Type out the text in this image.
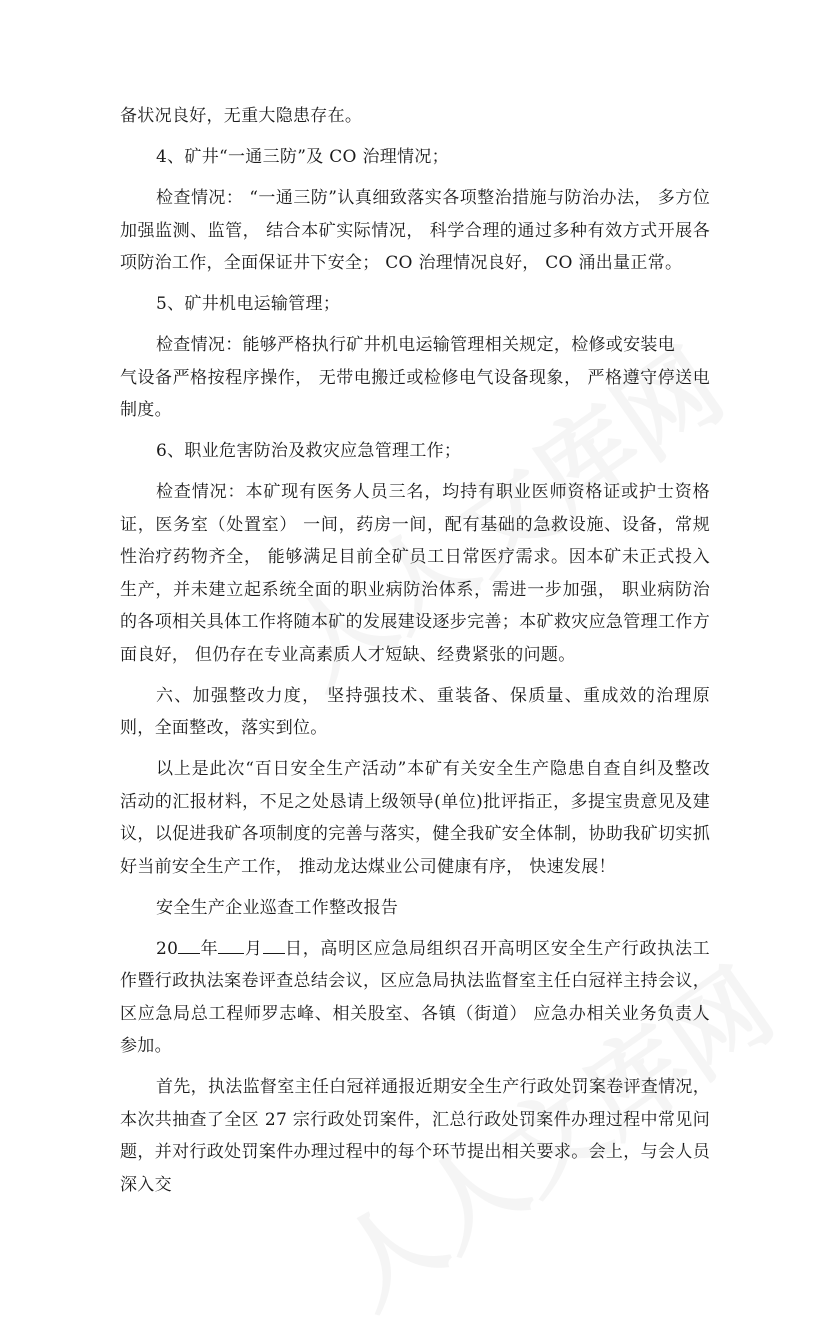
备状况良好，无重大隐患存在。

4、矿井“一通三防”及 CO 治理情况；

检查情况： “一通三防”认真细致落实各项整治措施与防治办法， 多方位加强监测、监管， 结合本矿实际情况， 科学合理的通过多种有效方式开展各项防治工作，全面保证井下安全； CO 治理情况良好， CO 涌出量正常。

5、矿井机电运输管理；

检查情况：能够严格执行矿井机电运输管理相关规定，检修或安装电

气设备严格按程序操作， 无带电搬迁或检修电气设备现象， 严格遵守停送电制度。

6、职业危害防治及救灾应急管理工作；

检查情况：本矿现有医务人员三名，均持有职业医师资格证或护士资格证，医务室（处置室） 一间，药房一间，配有基础的急救设施、设备，常规性治疗药物齐全， 能够满足目前全矿员工日常医疗需求。因本矿未正式投入生产，并未建立起系统全面的职业病防治体系，需进一步加强， 职业病防治的各项相关具体工作将随本矿的发展建设逐步完善；本矿救灾应急管理工作方面良好， 但仍存在专业高素质人才短缺、经费紧张的问题。

六、加强整改力度， 坚持强技术、重装备、保质量、重成效的治理原则，全面整改，落实到位。

以上是此次“百日安全生产活动”本矿有关安全生产隐患自查自纠及整改活动的汇报材料，不足之处恳请上级领导(单位)批评指正，多提宝贵意见及建议，以促进我矿各项制度的完善与落实，健全我矿安全体制，协助我矿切实抓好当前安全生产工作， 推动龙达煤业公司健康有序， 快速发展！

安全生产企业巡查工作整改报告

20 年 月 日，高明区应急局组织召开高明区安全生产行政执法工作暨行政执法案卷评查总结会议，区应急局执法监督室主任白冠祥主持会议，区应急局总工程师罗志峰、相关股室、各镇（街道） 应急办相关业务负责人参加。

首先，执法监督室主任白冠祥通报近期安全生产行政处罚案卷评查情况，本次共抽查了全区 27 宗行政处罚案件，汇总行政处罚案件办理过程中常见问题，并对行政处罚案件办理过程中的每个环节提出相关要求。会上，与会人员深入交
